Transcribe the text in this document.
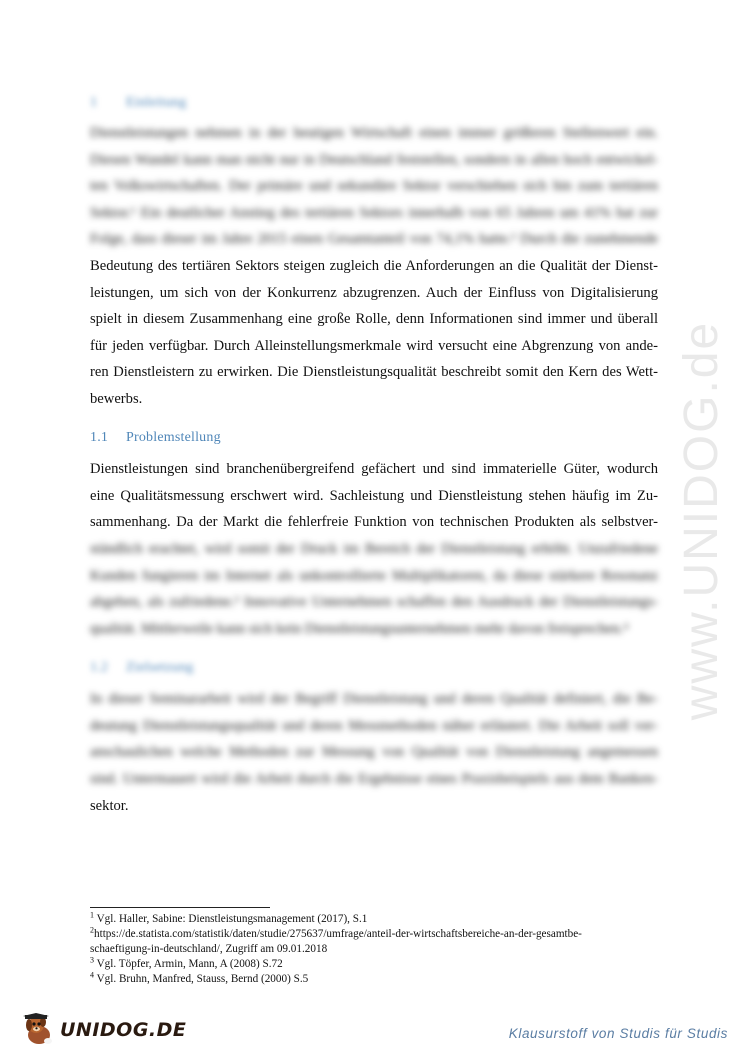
1 Einleitung
Dienstleistungen nehmen in der heutigen Wirtschaft einen immer größeren Stellenwert ein.
Diesen Wandel kann man nicht nur in Deutschland feststellen, sondern in allen hoch entwickel-
ten Volkswirtschaften. Der primäre und sekundäre Sektor verschieben sich hin zum tertiären
Sektor.¹ Ein deutlicher Anstieg des tertiären Sektors innerhalb von 65 Jahren um 41% hat zur
Folge, dass dieser im Jahre 2015 einen Gesamtanteil von 74,1% hatte.² Durch die zunehmende
Bedeutung des tertiären Sektors steigen zugleich die Anforderungen an die Qualität der Dienst-
leistungen, um sich von der Konkurrenz abzugrenzen. Auch der Einfluss von Digitalisierung
spielt in diesem Zusammenhang eine große Rolle, denn Informationen sind immer und überall
für jeden verfügbar. Durch Alleinstellungsmerkmale wird versucht eine Abgrenzung von ande-
ren Dienstleistern zu erwirken. Die Dienstleistungsqualität beschreibt somit den Kern des Wett-
bewerbs.
1.1 Problemstellung
Dienstleistungen sind branchenübergreifend gefächert und sind immaterielle Güter, wodurch
eine Qualitätsmessung erschwert wird. Sachleistung und Dienstleistung stehen häufig im Zu-
sammenhang. Da der Markt die fehlerfreie Funktion von technischen Produkten als selbstver-
ständlich erachtet, wird somit der Druck im Bereich der Dienstleistung erhöht. Unzufriedene
Kunden fungieren im Internet als unkontrollierte Multiplikatoren, da diese stärkere Resonanz
abgeben, als zufriedene.³ Innovative Unternehmen schaffen den Ausdruck der Dienstleistungs-
qualität. Mittlerweile kann sich kein Dienstleistungsunternehmen mehr davon freisprechen.⁴
1.2 Zielsetzung
In dieser Seminararbeit wird der Begriff Dienstleistung und deren Qualität definiert, die Be-
deutung Dienstleistungsqualität und deren Messmethoden näher erläutert. Die Arbeit soll ver-
anschaulichen welche Methoden zur Messung von Qualität von Dienstleistung angemessen
sind. Untermauert wird die Arbeit durch die Ergebnisse eines Praxisbeispiels aus dem Banken-
sektor.
$^1$ Vgl. Haller, Sabine: Dienstleistungsmanagement (2017), S.1
$^2$https://de.statista.com/statistik/daten/studie/275637/umfrage/anteil-der-wirtschaftsbereiche-an-der-gesamtbe-
schaeftigung-in-deutschland/, Zugriff am 09.01.2018
$^3$ Vgl. Töpfer, Armin, Mann, A (2008) S.72
$^4$ Vgl. Bruhn, Manfred, Stauss, Bernd (2000) S.5
www.UNIDOG.de
UNIDOG.DE	Klausurstoff von Studis für Studis
